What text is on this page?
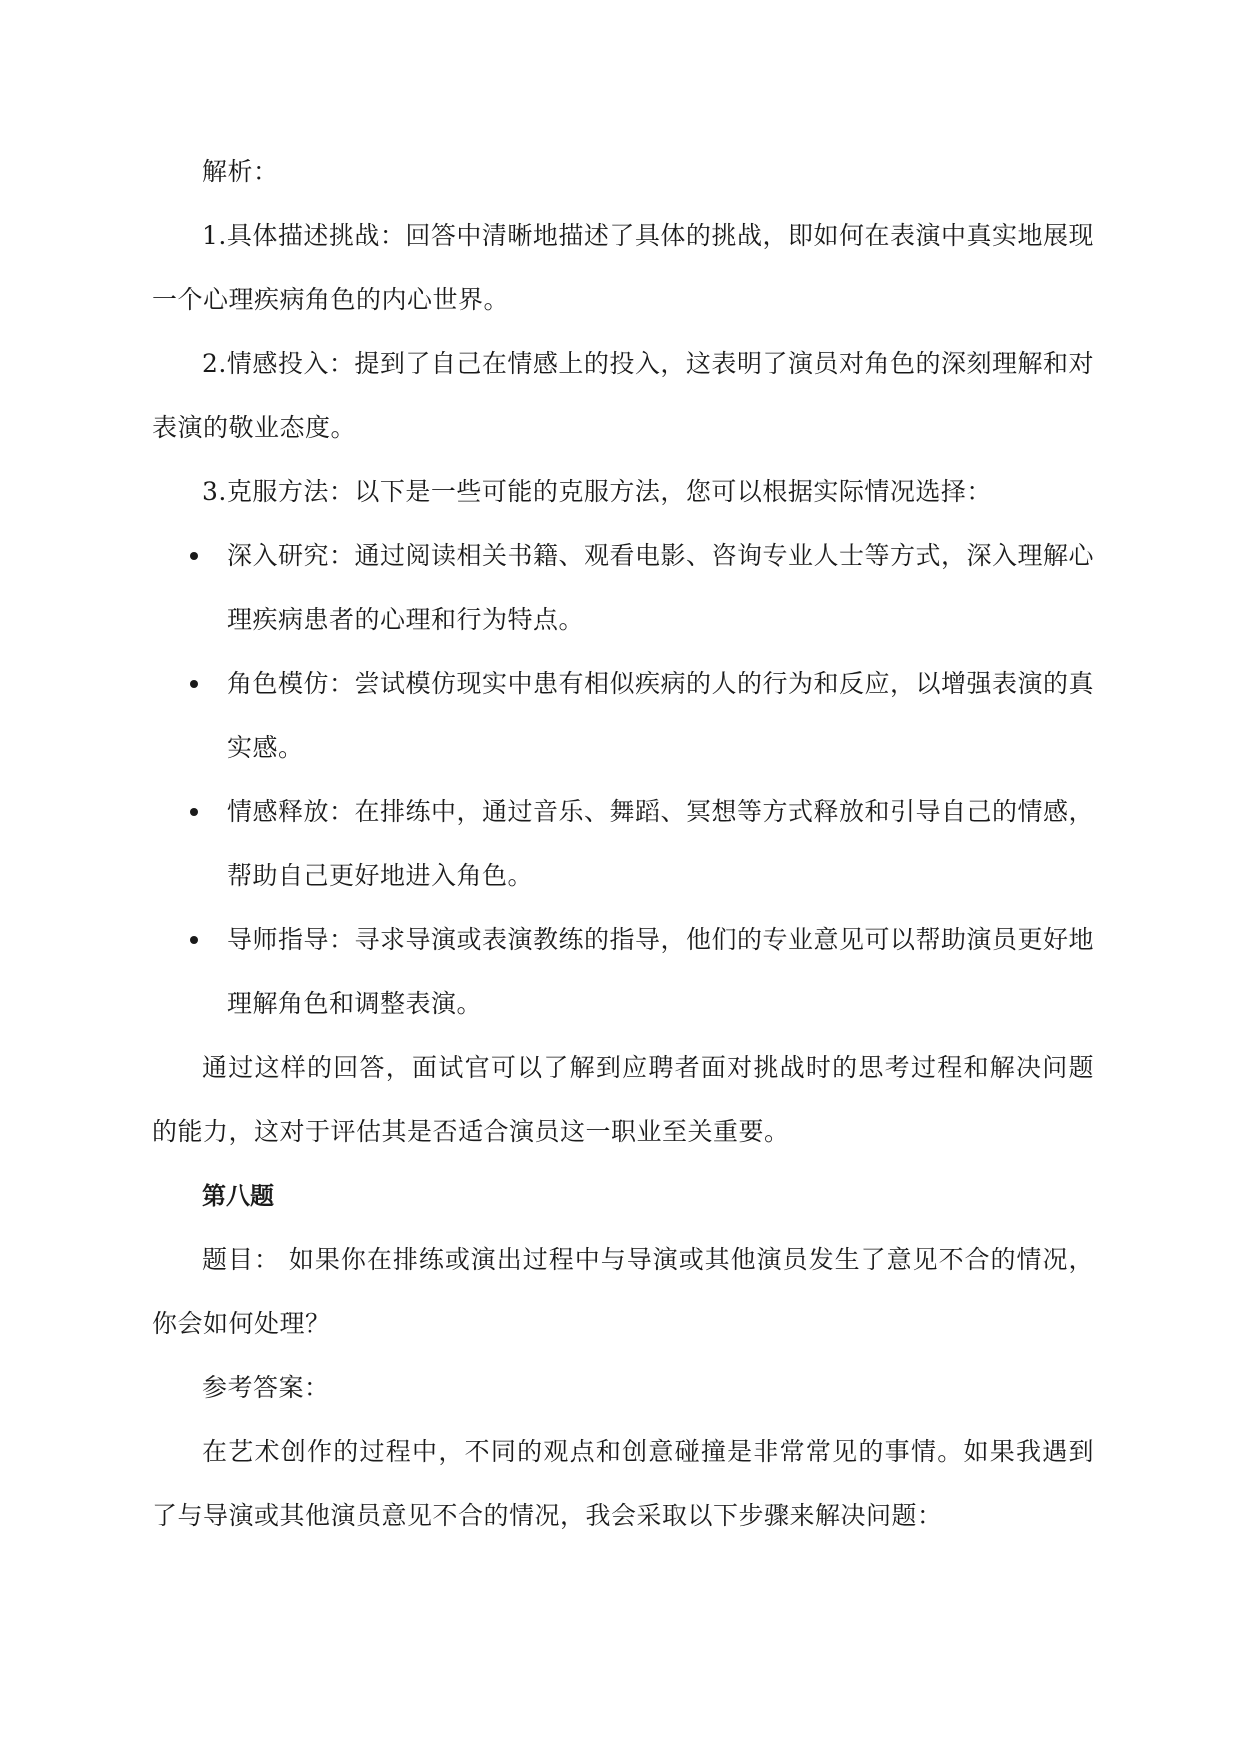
解析：

1.具体描述挑战：回答中清晰地描述了具体的挑战，即如何在表演中真实地展现一个心理疾病角色的内心世界。

2.情感投入：提到了自己在情感上的投入，这表明了演员对角色的深刻理解和对表演的敬业态度。

3.克服方法：以下是一些可能的克服方法，您可以根据实际情况选择：

深入研究：通过阅读相关书籍、观看电影、咨询专业人士等方式，深入理解心理疾病患者的心理和行为特点。
角色模仿：尝试模仿现实中患有相似疾病的人的行为和反应，以增强表演的真实感。
情感释放：在排练中，通过音乐、舞蹈、冥想等方式释放和引导自己的情感，帮助自己更好地进入角色。
导师指导：寻求导演或表演教练的指导，他们的专业意见可以帮助演员更好地理解角色和调整表演。

通过这样的回答，面试官可以了解到应聘者面对挑战时的思考过程和解决问题的能力，这对于评估其是否适合演员这一职业至关重要。

第八题

题目： 如果你在排练或演出过程中与导演或其他演员发生了意见不合的情况，你会如何处理？

参考答案：

在艺术创作的过程中，不同的观点和创意碰撞是非常常见的事情。如果我遇到了与导演或其他演员意见不合的情况，我会采取以下步骤来解决问题：
